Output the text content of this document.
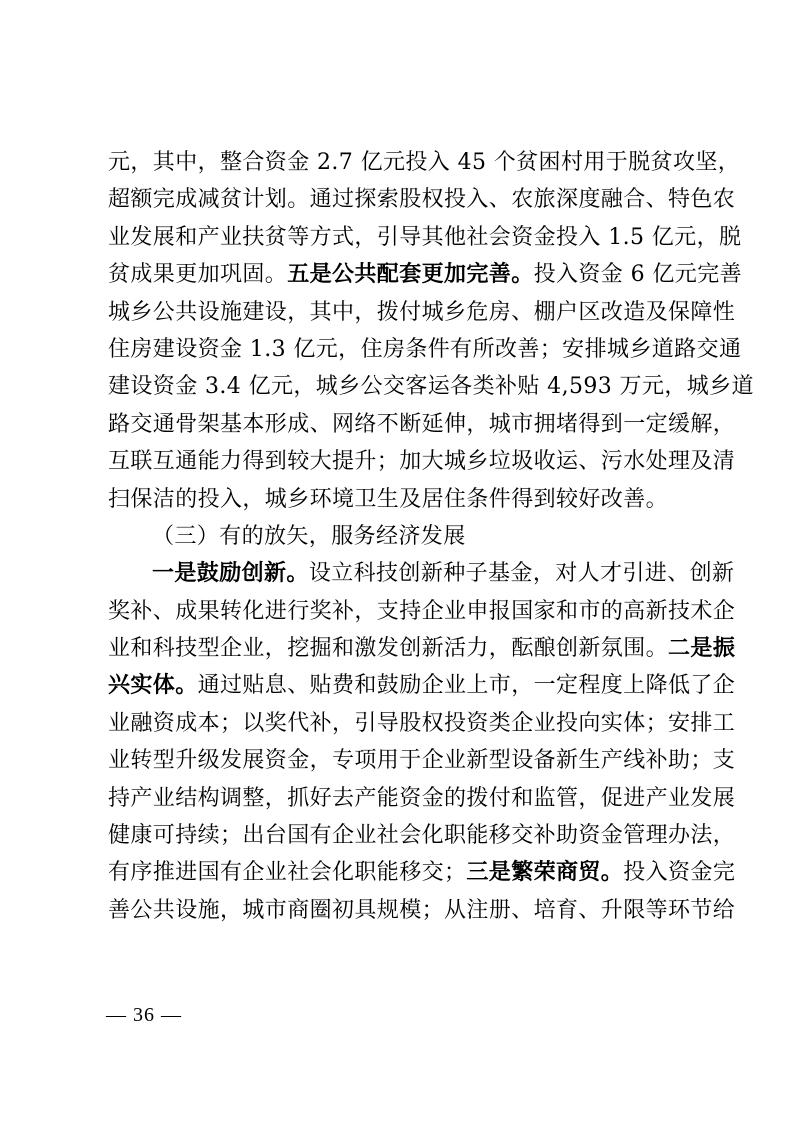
元，其中，整合资金 2.7 亿元投入 45 个贫困村用于脱贫攻坚，
超额完成减贫计划。通过探索股权投入、农旅深度融合、特色农
业发展和产业扶贫等方式，引导其他社会资金投入 1.5 亿元，脱
贫成果更加巩固。五是公共配套更加完善。投入资金 6 亿元完善
城乡公共设施建设，其中，拨付城乡危房、棚户区改造及保障性
住房建设资金 1.3 亿元，住房条件有所改善；安排城乡道路交通
建设资金 3.4 亿元，城乡公交客运各类补贴 4,593 万元，城乡道
路交通骨架基本形成、网络不断延伸，城市拥堵得到一定缓解，
互联互通能力得到较大提升；加大城乡垃圾收运、污水处理及清
扫保洁的投入，城乡环境卫生及居住条件得到较好改善。
（三）有的放矢，服务经济发展
一是鼓励创新。设立科技创新种子基金，对人才引进、创新
奖补、成果转化进行奖补，支持企业申报国家和市的高新技术企
业和科技型企业，挖掘和激发创新活力，酝酿创新氛围。二是振
兴实体。通过贴息、贴费和鼓励企业上市，一定程度上降低了企
业融资成本；以奖代补，引导股权投资类企业投向实体；安排工
业转型升级发展资金，专项用于企业新型设备新生产线补助；支
持产业结构调整，抓好去产能资金的拨付和监管，促进产业发展
健康可持续；出台国有企业社会化职能移交补助资金管理办法，
有序推进国有企业社会化职能移交；三是繁荣商贸。投入资金完
善公共设施，城市商圈初具规模；从注册、培育、升限等环节给
— 36 —
